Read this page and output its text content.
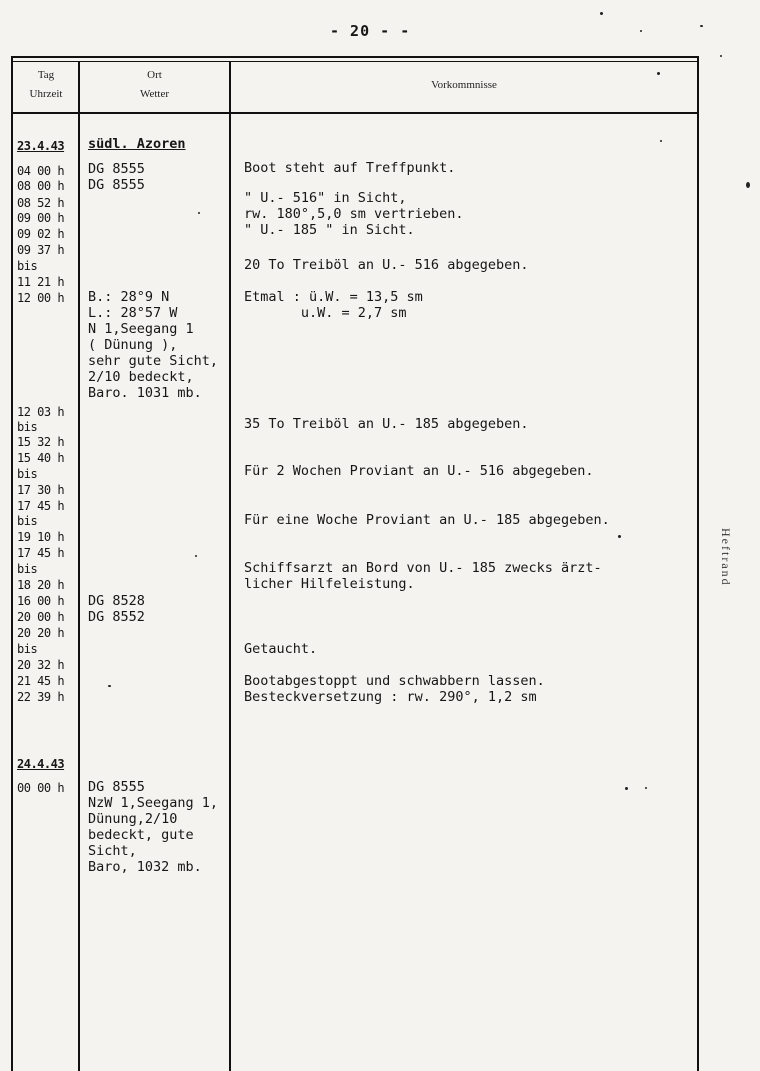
- 20 - -
Tag
Uhrzeit
Ort
Wetter
Vorkommnisse
23.4.43
04 00 h
08 00 h
08 52 h
09 00 h
09 02 h
09 37 h
bis
11 21 h
12 00 h
12 03 h
bis
15 32 h
15 40 h
bis
17 30 h
17 45 h
bis
19 10 h
17 45 h
bis
18 20 h
16 00 h
20 00 h
20 20 h
bis
20 32 h
21 45 h
22 39 h
24.4.43
00 00 h
südl. Azoren
DG 8555
DG 8555
B.: 28°9 N
L.: 28°57 W
N 1,Seegang 1
( Dünung ),
sehr gute Sicht,
2/10 bedeckt,
Baro. 1031 mb.
DG 8528
DG 8552
DG 8555
NzW 1,Seegang 1,
Dünung,2/10
bedeckt, gute
Sicht,
Baro, 1032 mb.
Boot steht auf Treffpunkt.
" U.- 516" in Sicht,
rw. 180°,5,0 sm vertrieben.
" U.- 185 " in Sicht.
20 To Treiböl an U.- 516 abgegeben.
Etmal : ü.W. = 13,5 sm
u.W. = 2,7 sm
35 To Treiböl an U.- 185 abgegeben.
Für 2 Wochen Proviant an U.- 516 abgegeben.
Für eine Woche Proviant an U.- 185 abgegeben.
Schiffsarzt an Bord von U.- 185 zwecks ärzt-
licher Hilfeleistung.
Getaucht.
Bootabgestoppt und schwabbern lassen.
Besteckversetzung : rw. 290°, 1,2 sm
Heftrand
